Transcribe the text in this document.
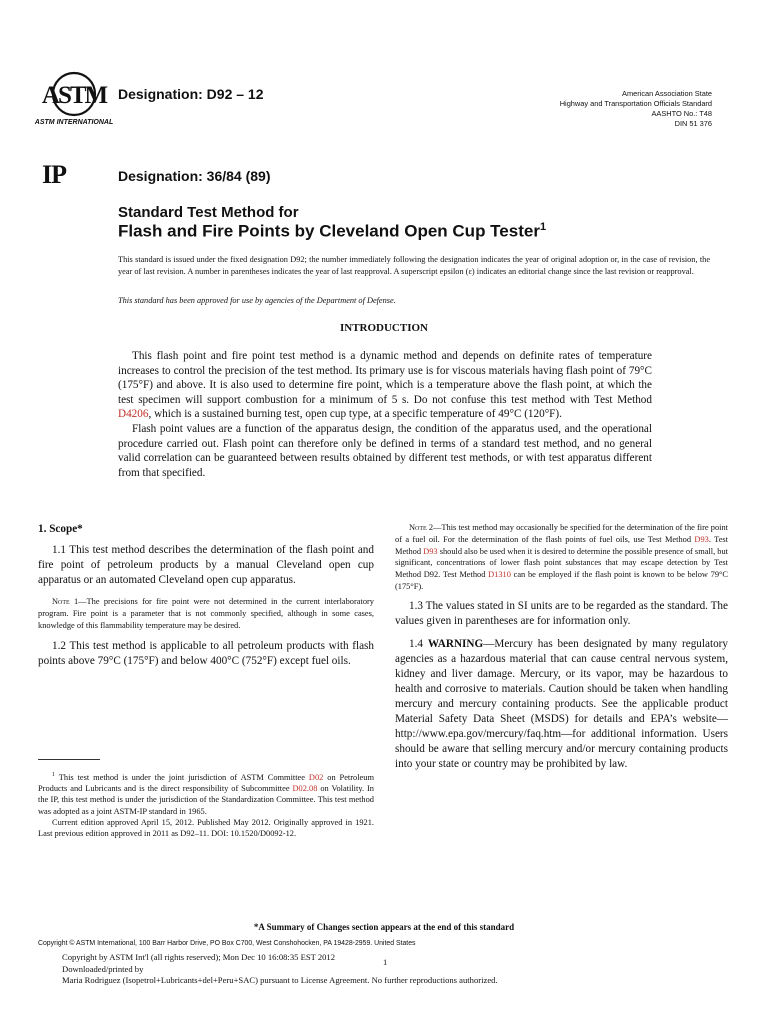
ASTM
ASTM INTERNATIONAL
Designation: D92 – 12	American Association State
Highway and Transportation Officials Standard
AASHTO No.: T48
DIN 51 376
IP	Designation: 36/84 (89)
Standard Test Method for
Flash and Fire Points by Cleveland Open Cup Tester$^1$
This standard is issued under the fixed designation D92; the number immediately following the designation indicates the year of original adoption or, in the case of revision, the year of last revision. A number in parentheses indicates the year of last reapproval. A superscript epsilon (ε) indicates an editorial change since the last revision or reapproval.
This standard has been approved for use by agencies of the Department of Defense.
INTRODUCTION

This flash point and fire point test method is a dynamic method and depends on definite rates of temperature increases to control the precision of the test method. Its primary use is for viscous materials having flash point of 79°C (175°F) and above. It is also used to determine fire point, which is a temperature above the flash point, at which the test specimen will support combustion for a minimum of 5 s. Do not confuse this test method with Test Method D4206, which is a sustained burning test, open cup type, at a specific temperature of 49°C (120°F).

Flash point values are a function of the apparatus design, the condition of the apparatus used, and the operational procedure carried out. Flash point can therefore only be defined in terms of a standard test method, and no general valid correlation can be guaranteed between results obtained by different test methods, or with test apparatus different from that specified.

1. Scope*

1.1 This test method describes the determination of the flash point and fire point of petroleum products by a manual Cleveland open cup apparatus or an automated Cleveland open cup apparatus.

Note 1—The precisions for fire point were not determined in the current interlaboratory program. Fire point is a parameter that is not commonly specified, although in some cases, knowledge of this flammability temperature may be desired.

1.2 This test method is applicable to all petroleum products with flash points above 79°C (175°F) and below 400°C (752°F) except fuel oils.

$^1$ This test method is under the joint jurisdiction of ASTM Committee D02 on Petroleum Products and Lubricants and is the direct responsibility of Subcommittee D02.08 on Volatility. In the IP, this test method is under the jurisdiction of the Standardization Committee. This test method was adopted as a joint ASTM-IP standard in 1965.

Current edition approved April 15, 2012. Published May 2012. Originally approved in 1921. Last previous edition approved in 2011 as D92–11. DOI: 10.1520/D0092-12.

Note 2—This test method may occasionally be specified for the determination of the fire point of a fuel oil. For the determination of the flash points of fuel oils, use Test Method D93. Test Method D93 should also be used when it is desired to determine the possible presence of small, but significant, concentrations of lower flash point substances that may escape detection by Test Method D92. Test Method D1310 can be employed if the flash point is known to be below 79°C (175°F).

1.3 The values stated in SI units are to be regarded as the standard. The values given in parentheses are for information only.

1.4 WARNING—Mercury has been designated by many regulatory agencies as a hazardous material that can cause central nervous system, kidney and liver damage. Mercury, or its vapor, may be hazardous to health and corrosive to materials. Caution should be taken when handling mercury and mercury containing products. See the applicable product Material Safety Data Sheet (MSDS) for details and EPA’s website—http://www.epa.gov/mercury/faq.htm—for additional information. Users should be aware that selling mercury and/or mercury containing products into your state or country may be prohibited by law.

*A Summary of Changes section appears at the end of this standard
Copyright © ASTM International, 100 Barr Harbor Drive, PO Box C700, West Conshohocken, PA 19428-2959. United States
1
Copyright by ASTM Int'l (all rights reserved); Mon Dec 10 16:08:35 EST 2012
Downloaded/printed by
Maria Rodriguez (Isopetrol+Lubricants+del+Peru+SAC) pursuant to License Agreement. No further reproductions authorized.
